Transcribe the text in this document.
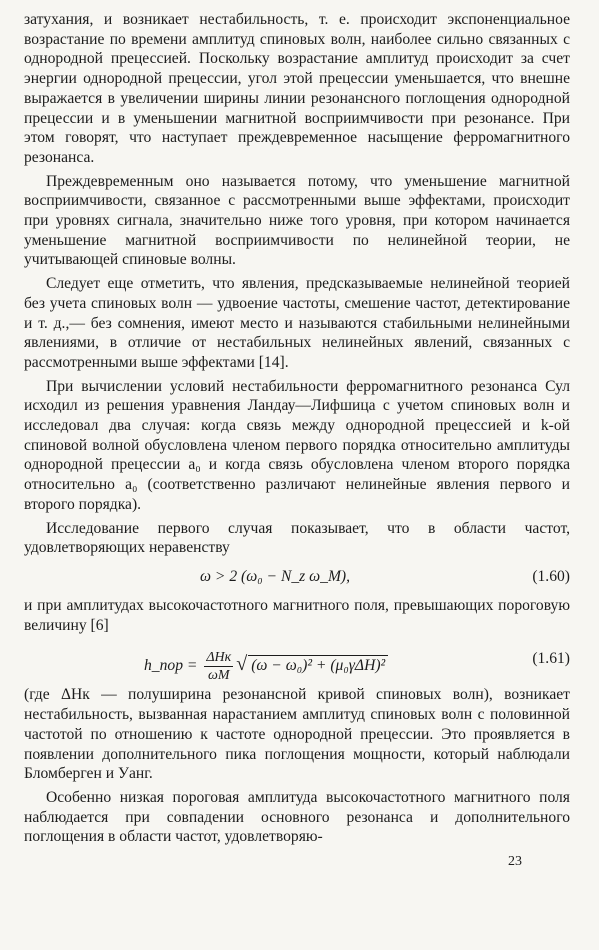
затухания, и возникает нестабильность, т. е. происходит экспоненциальное возрастание по времени амплитуд спиновых волн, наиболее сильно связанных с однородной прецессией. Поскольку возрастание амплитуд происходит за счет энергии однородной прецессии, угол этой прецессии уменьшается, что внешне выражается в увеличении ширины линии резонансного поглощения однородной прецессии и в уменьшении магнитной восприимчивости при резонансе. При этом говорят, что наступает преждевременное насыщение ферромагнитного резонанса.

Преждевременным оно называется потому, что уменьшение магнитной восприимчивости, связанное с рассмотренными выше эффектами, происходит при уровнях сигнала, значительно ниже того уровня, при котором начинается уменьшение магнитной восприимчивости по нелинейной теории, не учитывающей спиновые волны.

Следует еще отметить, что явления, предсказываемые нелинейной теорией без учета спиновых волн — удвоение частоты, смешение частот, детектирование и т. д.,— без сомнения, имеют место и называются стабильными нелинейными явлениями, в отличие от нестабильных нелинейных явлений, связанных с рассмотренными выше эффектами [14].

При вычислении условий нестабильности ферромагнитного резонанса Сул исходил из решения уравнения Ландау—Лифшица с учетом спиновых волн и исследовал два случая: когда связь между однородной прецессией и k-ой спиновой волной обусловлена членом первого порядка относительно амплитуды однородной прецессии a₀ и когда связь обусловлена членом второго порядка относительно a₀ (соответственно различают нелинейные явления первого и второго порядка).

Исследование первого случая показывает, что в области частот, удовлетворяющих неравенству

ω > 2 (ω₀ − N_z ω_M),	(1.60)

и при амплитудах высокочастотного магнитного поля, превышающих пороговую величину [6]

h_пор = $\frac{\text{ΔHк}}{\omega M}$ √ (ω − ω₀)² + (μ₀γΔH)²	(1.61)

(где ΔHк — полуширина резонансной кривой спиновых волн), возникает нестабильность, вызванная нарастанием амплитуд спиновых волн с половинной частотой по отношению к частоте однородной прецессии. Это проявляется в появлении дополнительного пика поглощения мощности, который наблюдали Бломберген и Уанг.

Особенно низкая пороговая амплитуда высокочастотного магнитного поля наблюдается при совпадении основного резонанса и дополнительного поглощения в области частот, удовлетворяю-

23
